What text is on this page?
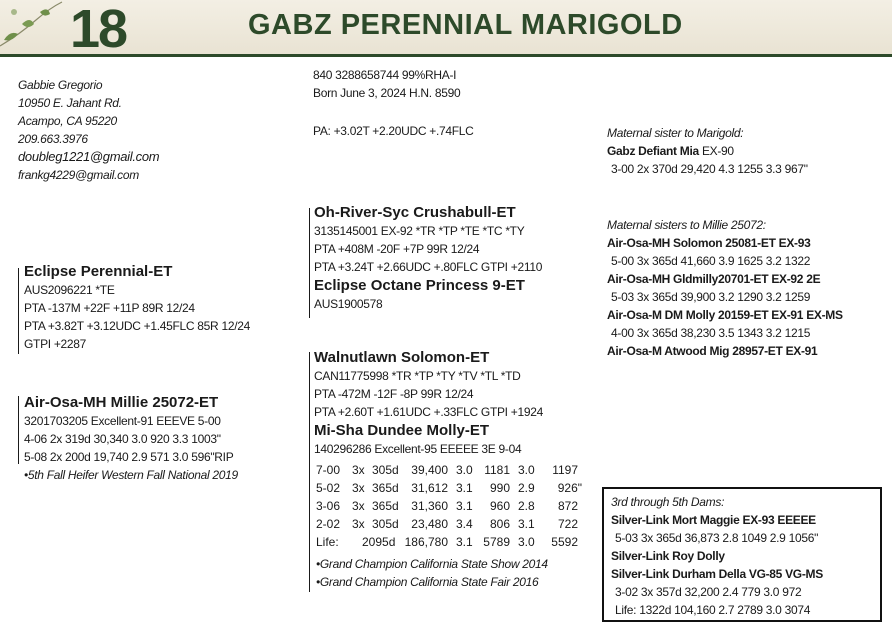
18	GABZ PERENNIAL MARIGOLD
Gabbie Gregorio
10950 E. Jahant Rd.
Acampo, CA 95220
209.663.3976
doubleg1221@gmail.com
frankg4229@gmail.com
840 3288658744 99%RHA-I
Born June 3, 2024 H.N. 8590
PA: +3.02T +2.20UDC +.74FLC
Eclipse Perennial-ET
AUS2096221 *TE
PTA -137M +22F +11P 89R 12/24
PTA +3.82T +3.12UDC +1.45FLC 85R 12/24
GTPI +2287
Air-Osa-MH Millie 25072-ET
3201703205 Excellent-91 EEEVE 5-00
4-06 2x 319d 30,340 3.0 920 3.3 1003"
5-08 2x 200d 19,740 2.9 571 3.0 596"RIP
•5th Fall Heifer Western Fall National 2019
Oh-River-Syc Crushabull-ET
3135145001 EX-92 *TR *TP *TE *TC *TY
PTA +408M -20F +7P 99R 12/24
PTA +3.24T +2.66UDC +.80FLC GTPI +2110
Eclipse Octane Princess 9-ET
AUS1900578
Walnutlawn Solomon-ET
CAN11775998 *TR *TP *TY *TV *TL *TD
PTA -472M -12F -8P 99R 12/24
PTA +2.60T +1.61UDC +.33FLC GTPI +1924
Mi-Sha Dundee Molly-ET
140296286 Excellent-95 EEEEE 3E 9-04
7-00 3x 305d 39,400 3.0 1181 3.0 1197
5-02 3x 365d 31,612 3.1 990 2.9 926"
3-06 3x 365d 31,360 3.1 960 2.8 872
2-02 3x 305d 23,480 3.4 806 3.1 722
Life: 2095d 186,780 3.1 5789 3.0 5592
•Grand Champion California State Show 2014
•Grand Champion California State Fair 2016
Maternal sister to Marigold:
Gabz Defiant Mia EX-90
3-00 2x 370d 29,420 4.3 1255 3.3 967"
Maternal sisters to Millie 25072:
Air-Osa-MH Solomon 25081-ET EX-93
5-00 3x 365d 41,660 3.9 1625 3.2 1322
Air-Osa-MH Gldmilly20701-ET EX-92 2E
5-03 3x 365d 39,900 3.2 1290 3.2 1259
Air-Osa-M DM Molly 20159-ET EX-91 EX-MS
4-00 3x 365d 38,230 3.5 1343 3.2 1215
Air-Osa-M Atwood Mig 28957-ET EX-91
3rd through 5th Dams:
Silver-Link Mort Maggie EX-93 EEEEE
5-03 3x 365d 36,873 2.8 1049 2.9 1056"
Silver-Link Roy Dolly
Silver-Link Durham Della VG-85 VG-MS
3-02 3x 357d 32,200 2.4 779 3.0 972
Life: 1322d 104,160 2.7 2789 3.0 3074
